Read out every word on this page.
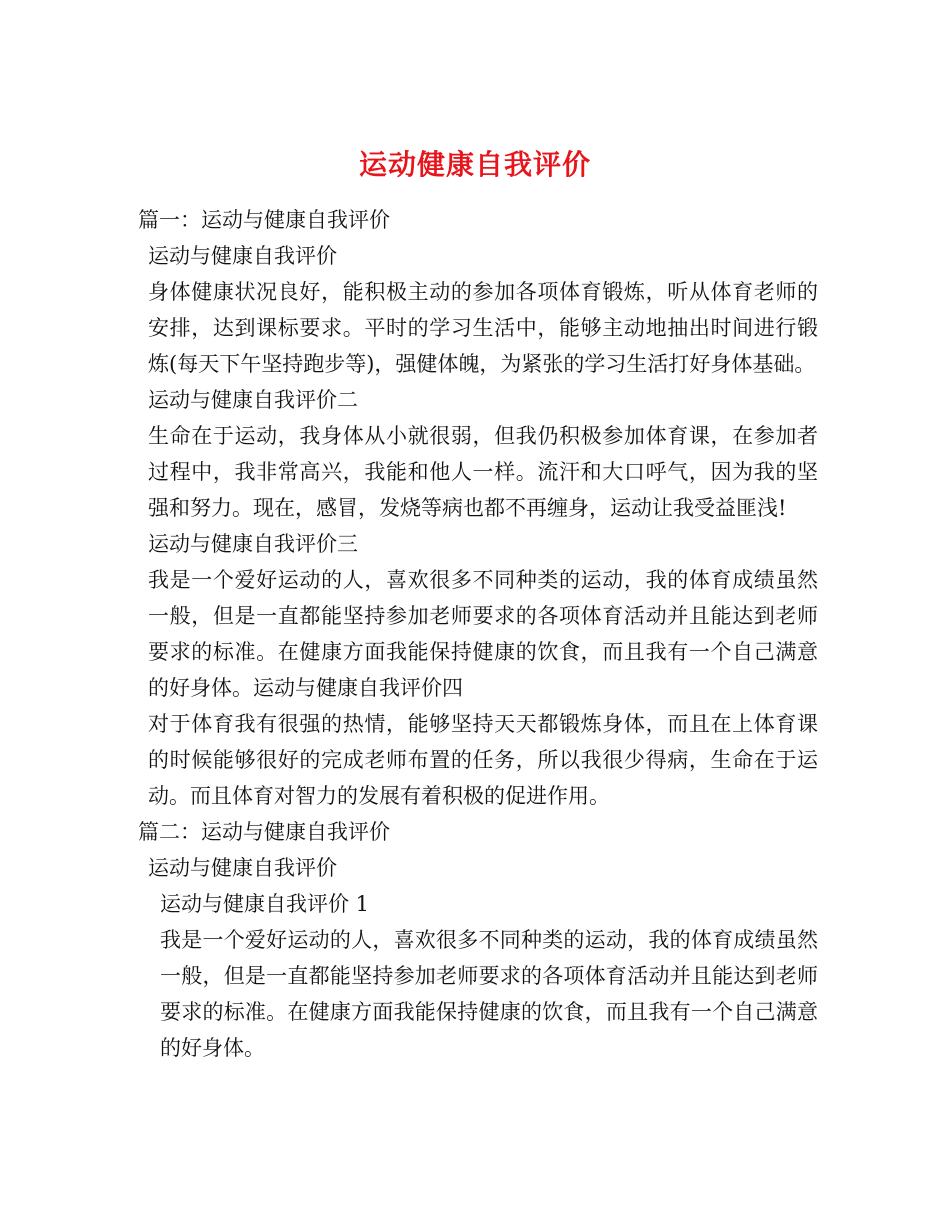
运动健康自我评价

篇一：运动与健康自我评价

运动与健康自我评价

身体健康状况良好，能积极主动的参加各项体育锻炼，听从体育老师的安排，达到课标要求。平时的学习生活中，能够主动地抽出时间进行锻炼(每天下午坚持跑步等)，强健体魄，为紧张的学习生活打好身体基础。

运动与健康自我评价二

生命在于运动，我身体从小就很弱，但我仍积极参加体育课，在参加者过程中，我非常高兴，我能和他人一样。流汗和大口呼气，因为我的坚强和努力。现在，感冒，发烧等病也都不再缠身，运动让我受益匪浅!

运动与健康自我评价三

我是一个爱好运动的人，喜欢很多不同种类的运动，我的体育成绩虽然一般，但是一直都能坚持参加老师要求的各项体育活动并且能达到老师要求的标准。在健康方面我能保持健康的饮食，而且我有一个自己满意的好身体。运动与健康自我评价四

对于体育我有很强的热情，能够坚持天天都锻炼身体，而且在上体育课的时候能够很好的完成老师布置的任务，所以我很少得病，生命在于运动。而且体育对智力的发展有着积极的促进作用。

篇二：运动与健康自我评价

运动与健康自我评价

运动与健康自我评价 1

我是一个爱好运动的人，喜欢很多不同种类的运动，我的体育成绩虽然一般，但是一直都能坚持参加老师要求的各项体育活动并且能达到老师要求的标准。在健康方面我能保持健康的饮食，而且我有一个自己满意的好身体。
